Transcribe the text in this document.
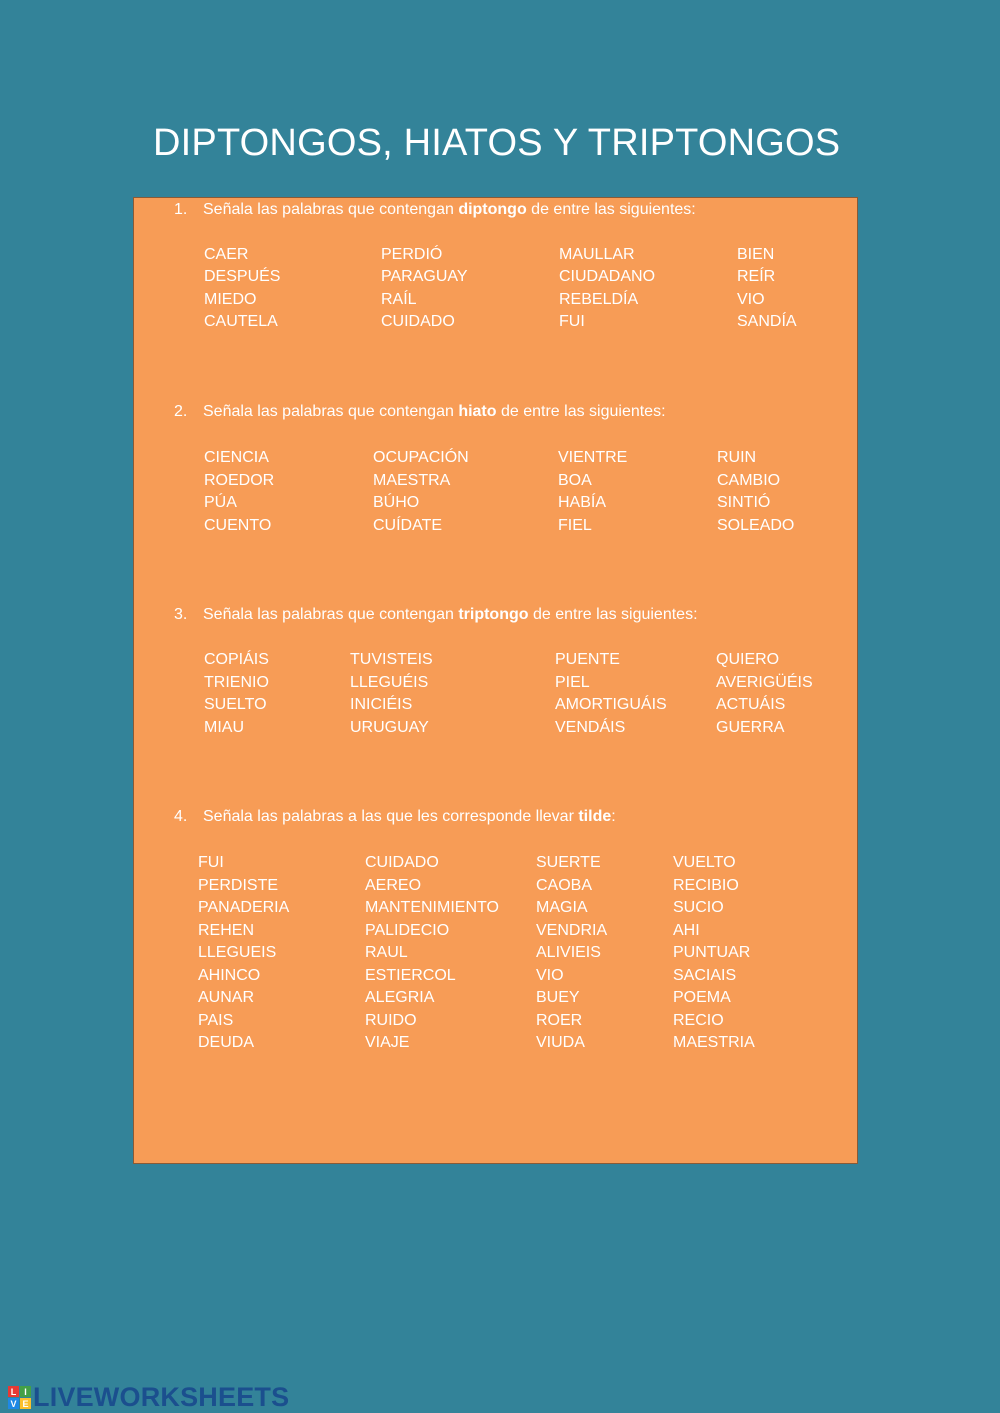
DIPTONGOS, HIATOS Y TRIPTONGOS
1. Señala las palabras que contengan diptongo de entre las siguientes:
2. Señala las palabras que contengan hiato de entre las siguientes:
3. Señala las palabras que contengan triptongo de entre las siguientes:
4. Señala las palabras a las que les corresponde llevar tilde:
CAER
DESPUÉS
MIEDO
CAUTELA
PERDIÓ
PARAGUAY
RAÍL
CUIDADO
MAULLAR
CIUDADANO
REBELDÍA
FUI
BIEN
REÍR
VIO
SANDÍA
CIENCIA
ROEDOR
PÚA
CUENTO
OCUPACIÓN
MAESTRA
BÚHO
CUÍDATE
VIENTRE
BOA
HABÍA
FIEL
RUIN
CAMBIO
SINTIÓ
SOLEADO
COPIÁIS
TRIENIO
SUELTO
MIAU
TUVISTEIS
LLEGUÉIS
INICIÉIS
URUGUAY
PUENTE
PIEL
AMORTIGUÁIS
VENDÁIS
QUIERO
AVERIGÜÉIS
ACTUÁIS
GUERRA
FUI
PERDISTE
PANADERIA
REHEN
LLEGUEIS
AHINCO
AUNAR
PAIS
DEUDA
CUIDADO
AEREO
MANTENIMIENTO
PALIDECIO
RAUL
ESTIERCOL
ALEGRIA
RUIDO
VIAJE
SUERTE
CAOBA
MAGIA
VENDRIA
ALIVIEIS
VIO
BUEY
ROER
VIUDA
VUELTO
RECIBIO
SUCIO
AHI
PUNTUAR
SACIAIS
POEMA
RECIO
MAESTRIA
L I
V E LIVEWORKSHEETS
